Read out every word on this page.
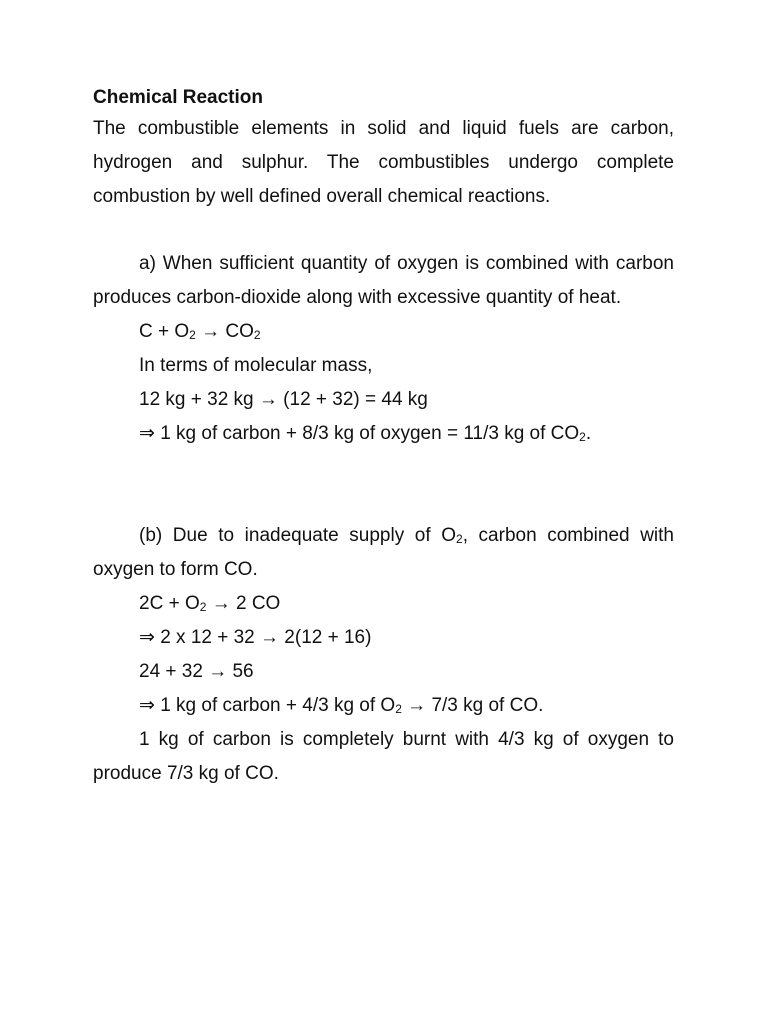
Chemical Reaction

The combustible elements in solid and liquid fuels are carbon, hydrogen and sulphur. The combustibles undergo complete combustion by well defined overall chemical reactions.

a) When sufficient quantity of oxygen is combined with carbon produces carbon-dioxide along with excessive quantity of heat.

$C + O_2 \to CO_2$

In terms of molecular mass,

12 kg + 32 kg → (12 + 32) = 44 kg

⇒ 1 kg of carbon + 8/3 kg of oxygen = 11/3 kg of $CO_2$.

(b) Due to inadequate supply of $O_2$, carbon combined with oxygen to form CO.

$2C + O_2 \to 2$ CO

⇒ 2 x 12 + 32 → 2(12 + 16)

24 + 32 → 56

⇒ 1 kg of carbon + 4/3 kg of $O_2 \to 7/3$ kg of CO.

1 kg of carbon is completely burnt with 4/3 kg of oxygen to produce 7/3 kg of CO.
